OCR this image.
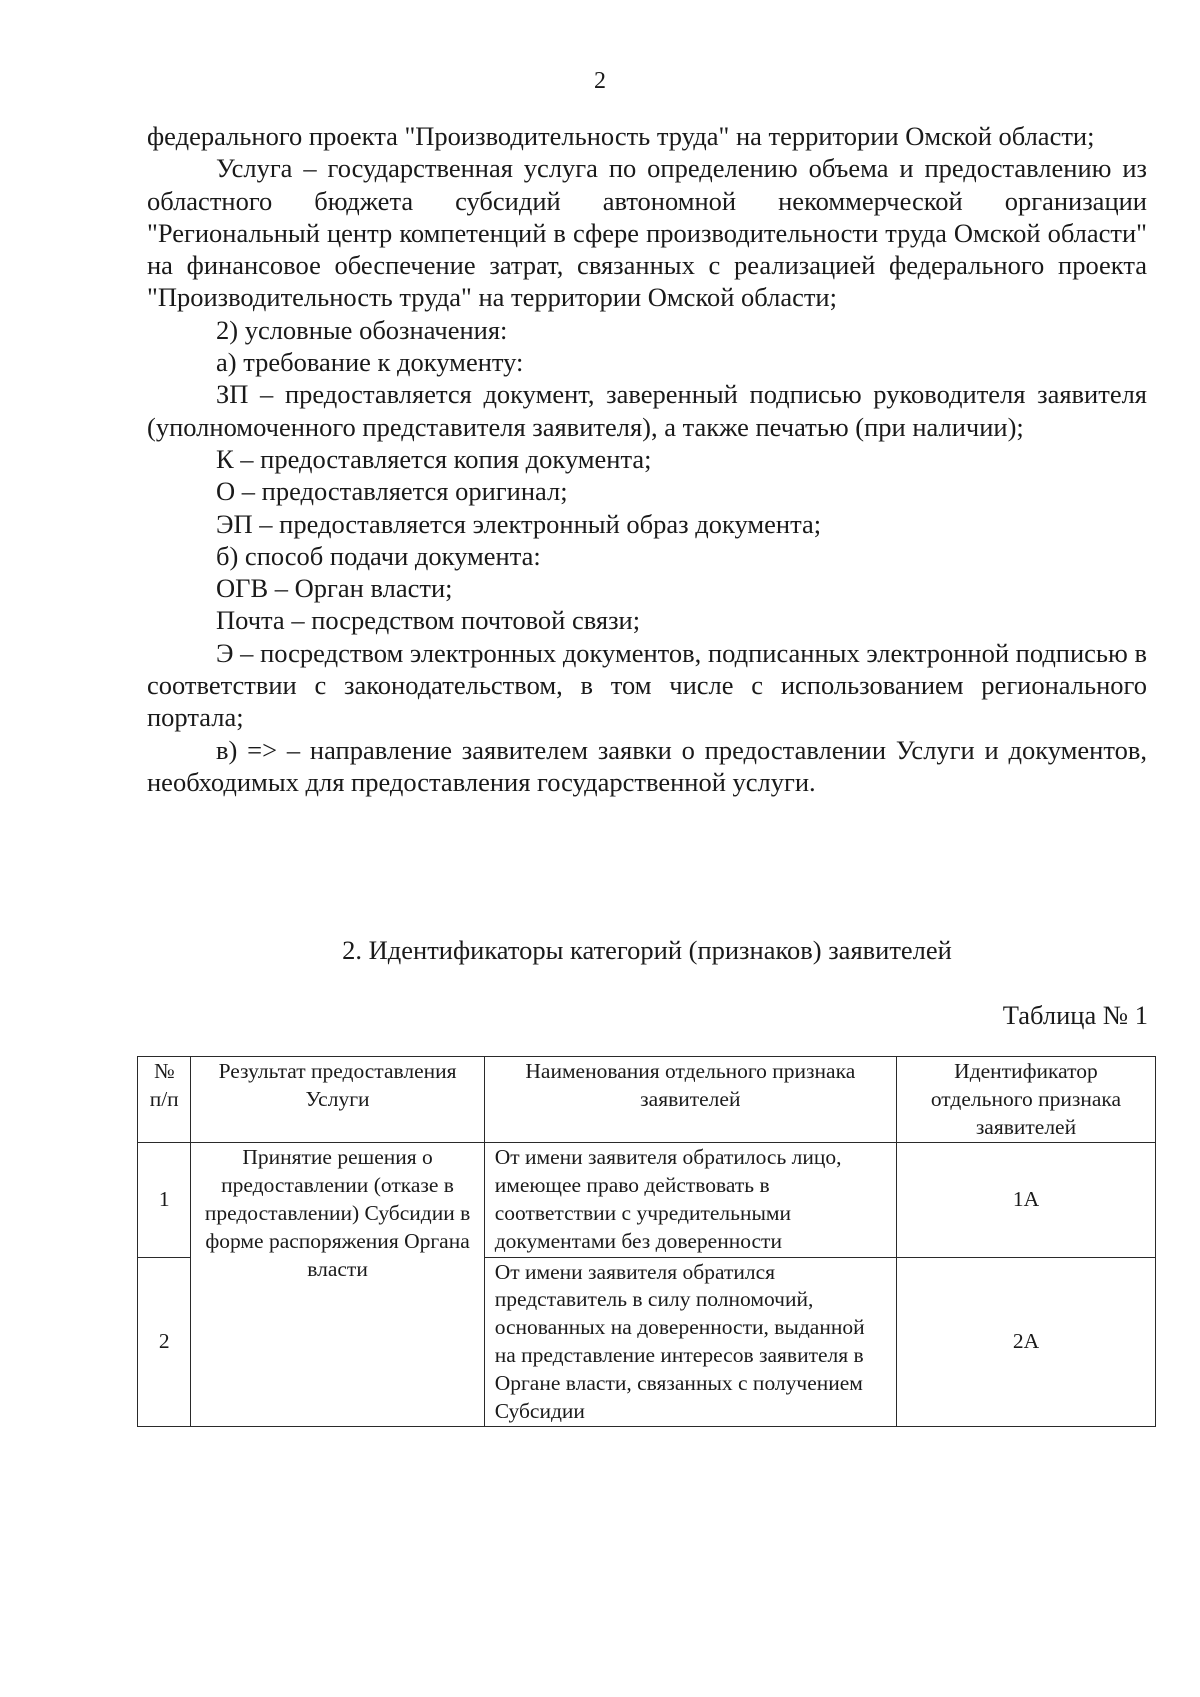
2

федерального проекта "Производительность труда" на территории Омской области;

Услуга – государственная услуга по определению объема и предоставлению из областного бюджета субсидий автономной некоммерческой организации "Региональный центр компетенций в сфере производительности труда Омской области" на финансовое обеспечение затрат, связанных с реализацией федерального проекта "Производительность труда" на территории Омской области;

2) условные обозначения:

а) требование к документу:

ЗП – предоставляется документ, заверенный подписью руководителя заявителя (уполномоченного представителя заявителя), а также печатью (при наличии);

К – предоставляется копия документа;

О – предоставляется оригинал;

ЭП – предоставляется электронный образ документа;

б) способ подачи документа:

ОГВ – Орган власти;

Почта – посредством почтовой связи;

Э – посредством электронных документов, подписанных электронной подписью в соответствии с законодательством, в том числе с использованием регионального портала;

в) => – направление заявителем заявки о предоставлении Услуги и документов, необходимых для предоставления государственной услуги.

2. Идентификаторы категорий (признаков) заявителей
Таблица № 1
№ п/п	Результат предоставления Услуги	Наименования отдельного признака заявителей	Идентификатор отдельного признака заявителей
1	Принятие решения о предоставлении (отказе в предоставлении) Субсидии в форме распоряжения Органа власти	От имени заявителя обратилось лицо, имеющее право действовать в соответствии с учредительными документами без доверенности	1А
2		От имени заявителя обратился представитель в силу полномочий, основанных на доверенности, выданной на представление интересов заявителя в Органе власти, связанных с получением Субсидии	2А
